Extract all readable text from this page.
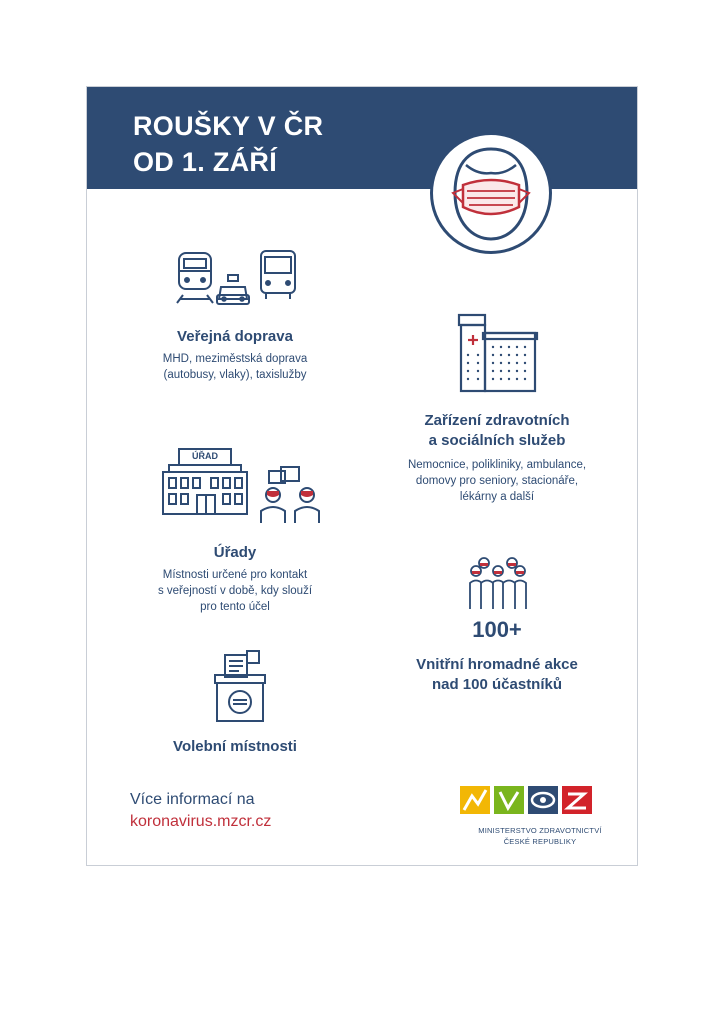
ROUŠKY V ČR
OD 1. ZÁŘÍ
Veřejná doprava
MHD, meziměstská doprava
(autobusy, vlaky), taxislužby
Zařízení zdravotních
a sociálních služeb
Nemocnice, polikliniky, ambulance,
domovy pro seniory, stacionáře,
lékárny a další
ÚŘAD
Úřady
Místnosti určené pro kontakt
s veřejností v době, kdy slouží
pro tento účel
100+
Vnitřní hromadné akce
nad 100 účastníků
Volební místnosti
Více informací na
koronavirus.mzcr.cz
MINISTERSTVO ZDRAVOTNICTVÍ
ČESKÉ REPUBLIKY
